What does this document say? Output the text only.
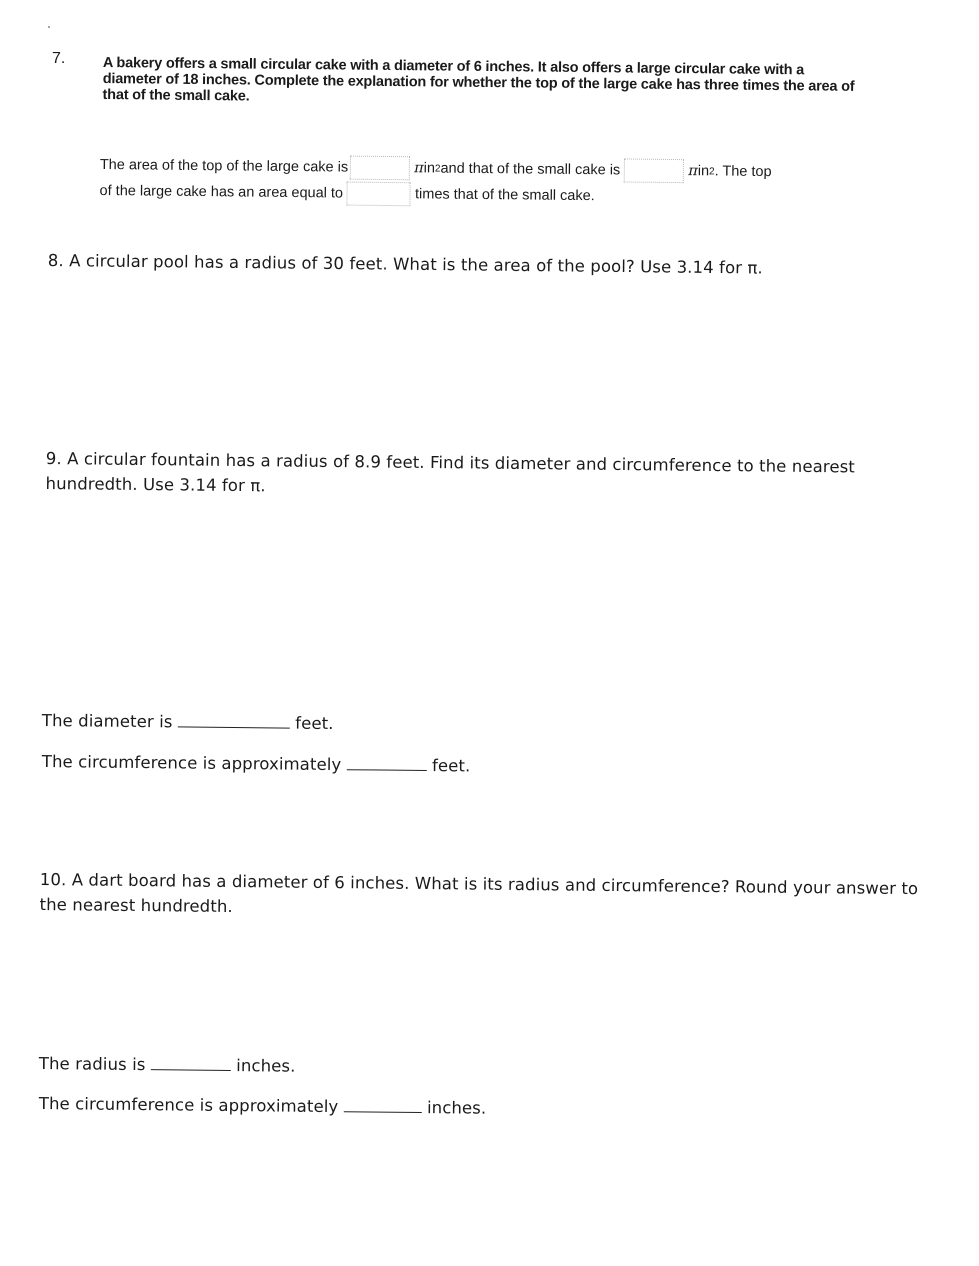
7.	A bakery offers a small circular cake with a diameter of 6 inches. It also offers a large circular cake with a diameter of 18 inches. Complete the explanation for whether the top of the large cake has three times the area of that of the small cake.
The area of the top of the large cake is	π in 2 and that of the small cake is	π in 2 . The top
of the large cake has an area equal to	times that of the small cake.
8. A circular pool has a radius of 30 feet. What is the area of the pool? Use 3.14 for π.
9. A circular fountain has a radius of 8.9 feet. Find its diameter and circumference to the nearest hundredth. Use 3.14 for π.
The diameter is	feet.
The circumference is approximately	feet.
10. A dart board has a diameter of 6 inches. What is its radius and circumference? Round your answer to the nearest hundredth.
The radius is	inches.
The circumference is approximately	inches.
